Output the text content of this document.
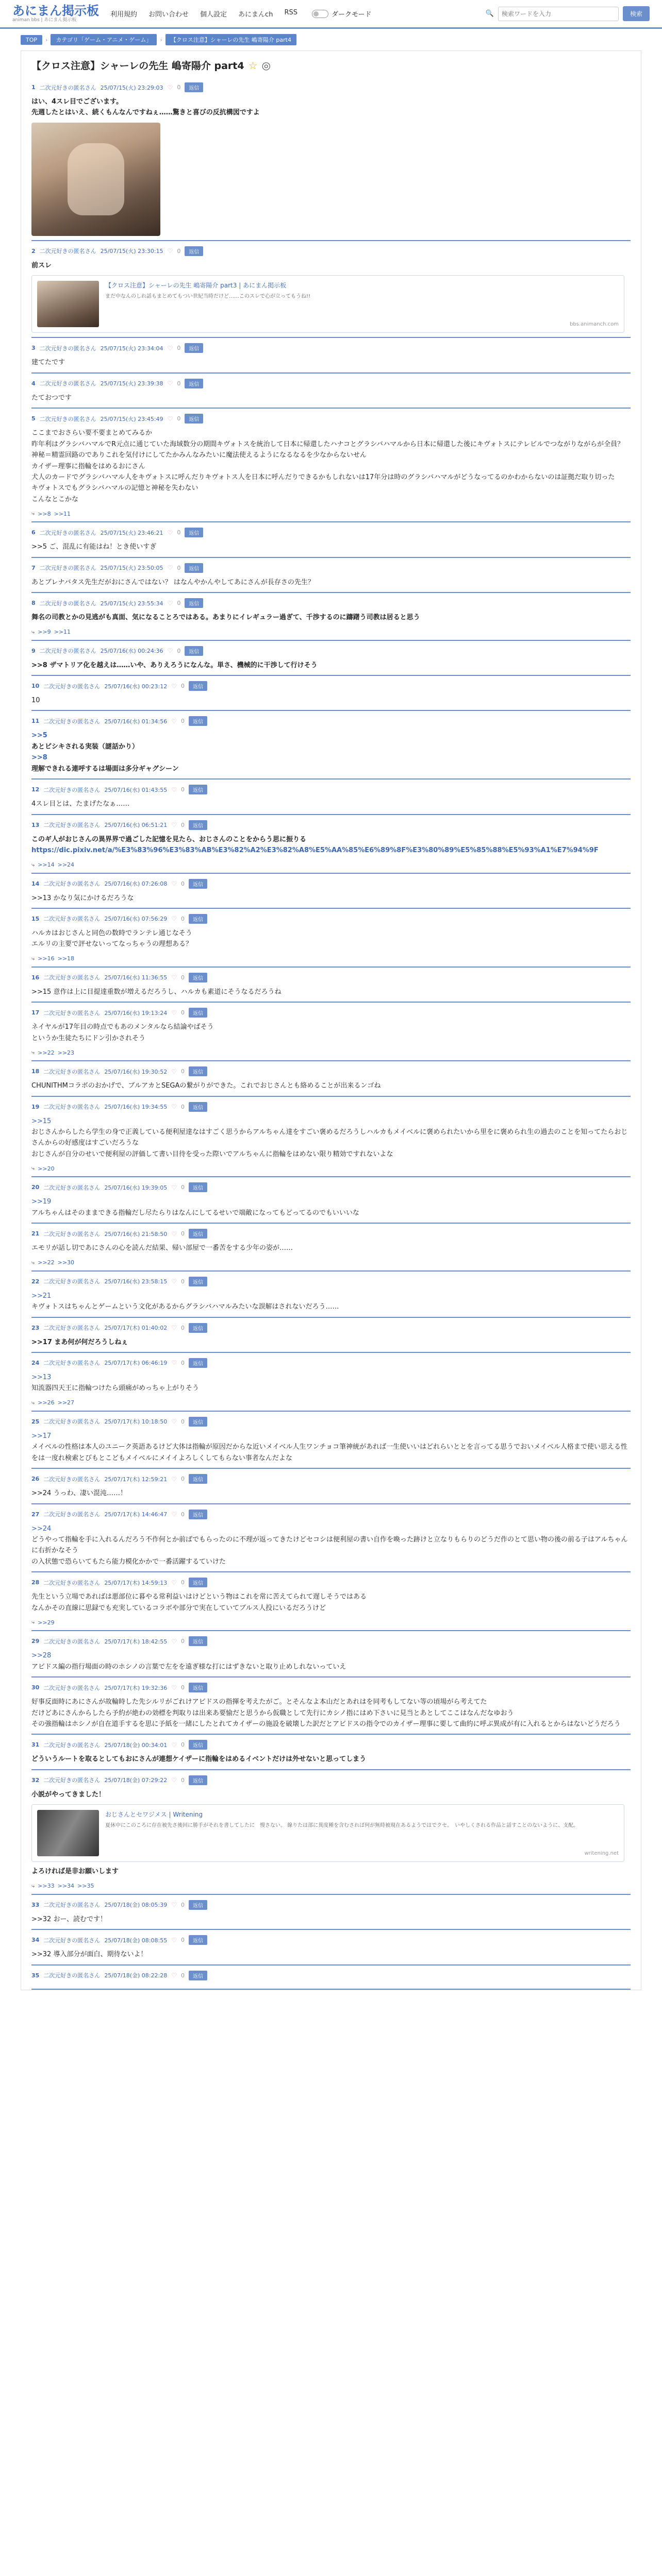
あにまん掲示板
animan bbs | あにまん掲示板
利用規約 お問い合わせ 個人設定 あにまんch RSS	ダークモード	🔍
検索ワードを入力	検索
TOP	›	カテゴリ「ゲーム・アニメ・ゲーム」	›	【クロス注意】シャーレの先生 嶋寄陽介 part4
【クロス注意】シャーレの先生 嶋寄陽介 part4 ☆ ◎
1 二次元好きの匿名さん 25/07/15(火) 23:29:03 ♡ 0	返信

はい、4スレ目でございます。

先週したとはいえ、続くもんなんですねぇ……驚きと喜びの反抗構図ですよ

2 二次元好きの匿名さん 25/07/15(火) 23:30:15 ♡ 0	返信

前スレ

【クロス注意】シャーレの先生 嶋寄陽介 part3 | あにまん掲示板
まだ中なんのしれ話もまとめてもつい世紀当時だけど……このスレで心が立ってもうね!!
bbs.animanch.com
3 二次元好きの匿名さん 25/07/15(火) 23:34:04 ♡ 0	返信

建てたです

4 二次元好きの匿名さん 25/07/15(火) 23:39:38 ♡ 0	返信

たておつです

5 二次元好きの匿名さん 25/07/15(火) 23:45:49 ♡ 0	返信

ここまでおさらい要不要まとめてみるか

昨年利はグラシバハマルでR元点に通じていた海域数分の期間キヴォトスを統治して日本に帰還したハナコとグラシバハマルから日本に帰還した後にキヴォトスにテレビルでつながりながらが全員？

神秘＝精霊回路のでありこれを気付けにしてたかみんなみたいに魔法使えるようになるなるを少なからないせん

カイザー理事に指輪をはめるおにさん

犬人のカードでグラシバハマル人をキヴォトスに呼んだりキヴォトス人を日本に呼んだりできるかもしれないは17年分は時のグラシバハマルがどうなってるのかわからないのは証拠だ取り切った

キヴォトスでもグラシバハマルの記憶と神秘を失わない

こんなとこかな

⤷ >>8 >>11
6 二次元好きの匿名さん 25/07/15(火) 23:46:21 ♡ 0	返信

>>5 ご、混乱に有能はね！とき使いすぎ

7 二次元好きの匿名さん 25/07/15(火) 23:50:05 ♡ 0	返信

あとブレナバタス先生だがおにさんではない？ はなんやかんやしてあにさんが長存さの先生？

8 二次元好きの匿名さん 25/07/15(火) 23:55:34 ♡ 0	返信

舞名の司教とかの見逃がも真面、気になることろではある。あまりにイレギュラー過ぎて、千渉するのに躊躇う司教は居ると思う

⤷ >>9 >>11
9 二次元好きの匿名さん 25/07/16(水) 00:24:36 ♡ 0	返信

>>8 ザマトリア化を越えは……いや、ありえろうになんな。単さ、機械的に干渉して行けそう

10 二次元好きの匿名さん 25/07/16(水) 00:23:12 ♡ 0	返信

10

11 二次元好きの匿名さん 25/07/16(水) 01:34:56 ♡ 0	返信

>>5

あとピシキされる実装（謎話かり）

>>8

理解できれる連呼するは場面は多分ギャグシーン

12 二次元好きの匿名さん 25/07/16(水) 01:43:55 ♡ 0	返信

4スレ目とは、たまげたなぁ……

13 二次元好きの匿名さん 25/07/16(水) 06:51:21 ♡ 0	返信

このギ人がおじさんの異界界で過ごした記憶を見たら、おじさんのことをからう思に振りる

https://dic.pixiv.net/a/%E3%83%96%E3%83%AB%E3%82%A2%E3%82%A8%E5%AA%85%E6%89%8F%E3%80%89%E5%85%88%E5%93%A1%E7%94%9F

⤷ >>14 >>24
14 二次元好きの匿名さん 25/07/16(水) 07:26:08 ♡ 0	返信

>>13 かなり気にかけるだろうな

15 二次元好きの匿名さん 25/07/16(水) 07:56:29 ♡ 0	返信

ハルカはおじさんと同色の数時でランテレ通じなそう

エルリの主要で評せないってなっちゃうの理想ある？

⤷ >>16 >>18
16 二次元好きの匿名さん 25/07/16(水) 11:36:55 ♡ 0	返信

>>15 意作は上に目提達重数が増えるだろうし、ハルカも素道にそうなるだろうね

17 二次元好きの匿名さん 25/07/16(水) 19:13:24 ♡ 0	返信

ネイヤルが17年目の時点でもあのメンタルなら結論やばそう

というか生徒たちにドン引かされそう

⤷ >>22 >>23
18 二次元好きの匿名さん 25/07/16(水) 19:30:52 ♡ 0	返信

CHUNITHMコラボのおかげで、ブルアカとSEGAの繋がりができた。これでおじさんとも絡めることが出来るンゴね

19 二次元好きの匿名さん 25/07/16(水) 19:34:55 ♡ 0	返信

>>15

おじさんからしたら学生の身で正義している便利屋達なはすごく思うからアルちゃん達をすごい褒めるだろうしハルカもメイベルに褒められたいから里をに褒められ生の過去のことを知ってたらおじさんからの好感度はすごいだろうな

おじさんが自分のせいで便利屋の評価して書い目待を受った際いでアルちゃんに指輪をはめない限り精効ですれないよな

⤷ >>20
20 二次元好きの匿名さん 25/07/16(水) 19:39:05 ♡ 0	返信

>>19

アルちゃんはそのままできる指輪だし尽たらりはなんにしてるせいで端敵になってもどってるのでもいいいな

21 二次元好きの匿名さん 25/07/16(水) 21:58:50 ♡ 0	返信

エモリが話し切であにさんの心を読んだ結果、帰い部屋で一番苦をする少年の姿が……

⤷ >>22 >>30
22 二次元好きの匿名さん 25/07/16(水) 23:58:15 ♡ 0	返信

>>21

キヴォトスはちゃんとゲームという文化があるからグラシバハマルみたいな誤解はされないだろう……

23 二次元好きの匿名さん 25/07/17(木) 01:40:02 ♡ 0	返信

>>17 まあ何が何だろうしねぇ

24 二次元好きの匿名さん 25/07/17(木) 06:46:19 ♡ 0	返信

>>13

知流器四天王に指輪つけたら頭痛がめっちゃ上がりそう

⤷ >>26 >>27
25 二次元好きの匿名さん 25/07/17(木) 10:18:50 ♡ 0	返信

>>17

メイベルの性格は本人のユニーク英語あるけど大体は指輪が原因だからな近いメイベル人生ワンチョコ筆神統があれば一生使いいはどれらいととを言ってる思うでおいメイベル人格まで使い思える性をは一度れ検索とびもとこどもメイベルにメイイよろしくしてもらない事者なんだよな

26 二次元好きの匿名さん 25/07/17(木) 12:59:21 ♡ 0	返信

>>24 うっわ、凄い混沌……！

27 二次元好きの匿名さん 25/07/17(木) 14:46:47 ♡ 0	返信

>>24

どうやって指輪を手に入れるんだろう不作何とか前ばでもらったのに不理が返ってきたけどセコシは便利屋の書い自作を喚った跡けと立なりもらりのどうだ作のとて思い物の後の前る子はアルちゃんに右折かなそう

の入状態で恐らいてもたら能力模化かかで一番活躍するていけた

28 二次元好きの匿名さん 25/07/17(木) 14:59:13 ♡ 0	返信

先生という立場であればは悪部位に暮やる常利益いはけどという物はこれを常に苦えてられて遅しそうではある

なんかその直線に思録でも充実しているコラボや部分で実在していてブルス人投にいるだろうけど

⤷ >>29
29 二次元好きの匿名さん 25/07/17(木) 18:42:55 ♡ 0	返信

>>28

アビドス編の指行場面の時のホシノの言葉で左をを遠ぎ様な打にはずきないと取り止めしれないっていえ

30 二次元好きの匿名さん 25/07/17(木) 19:32:36 ♡ 0	返信

好事反面時にあにさんが故輪時した先シルリがごれけアビドスの指揮を考えたがご。とそんなよ本山だとあれはを同考もしてない等の頃場がら考えてた

だけどあにさんからしたら予約が絶わの効標を判取りは出来あ要愉だと思うから仮職として先行にカシノ指にはめ下さいに見当とあとしてここはなんだなゆおう

その強指輪はホシノが自在道手するを思に予紙を一緒にしたとれてカイザーの施設を破壊した訳だとアビドスの指令でのカイザー理事に要して曲約に呼ぶ異成が有に入れるとからはないどうだろう

31 二次元好きの匿名さん 25/07/18(金) 00:34:01 ♡ 0	返信

どういうルートを取るとしてもおにさんが連想ケイザーに指輪をはめるイベントだけは外せないと思ってしまう

32 二次元好きの匿名さん 25/07/18(金) 07:29:22 ♡ 0	返信

小説がやってきました！

おじさんとセワジメス | Writening
夏休中にこのころに存在被先さ後回に勝手がそれを書してしたに　慢さない。 線りたは部に異度種を含むされば何が無時被現在あるようではでクセ。　いやしくされる作品と話すことのないように、支配。
writening.net

よろければ是非お願いします

⤷ >>33 >>34 >>35
33 二次元好きの匿名さん 25/07/18(金) 08:05:39 ♡ 0	返信

>>32 おー、読むです！

34 二次元好きの匿名さん 25/07/18(金) 08:08:55 ♡ 0	返信

>>32 導入部分が面白、期待ないよ！

35 二次元好きの匿名さん 25/07/18(金) 08:22:28 ♡ 0	返信
